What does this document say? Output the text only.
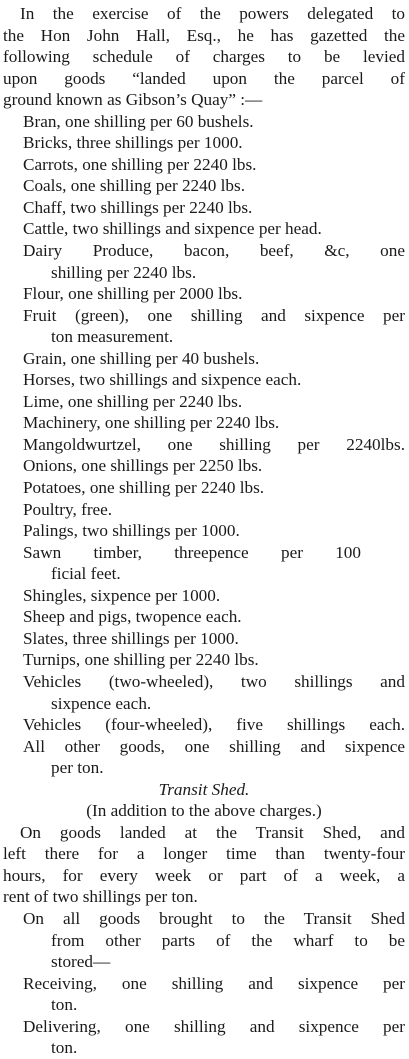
In the exercise of the powers delegated to
the Hon John Hall, Esq., he has gazetted the
following schedule of charges to be levied
upon goods “landed upon the parcel of
ground known as Gibson’s Quay” :—
Bran, one shilling per 60 bushels.
Bricks, three shillings per 1000.
Carrots, one shilling per 2240 lbs.
Coals, one shilling per 2240 lbs.
Chaff, two shillings per 2240 lbs.
Cattle, two shillings and sixpence per head.
Dairy Produce, bacon, beef, &c, one
shilling per 2240 lbs.
Flour, one shilling per 2000 lbs.
Fruit (green), one shilling and sixpence per
ton measurement.
Grain, one shilling per 40 bushels.
Horses, two shillings and sixpence each.
Lime, one shilling per 2240 lbs.
Machinery, one shilling per 2240 lbs.
Mangoldwurtzel, one shilling per 2240lbs.
Onions, one shillings per 2250 lbs.
Potatoes, one shilling per 2240 lbs.
Poultry, free.
Palings, two shillings per 1000.
Sawn timber, threepence per 100
ficial feet.
Shingles, sixpence per 1000.
Sheep and pigs, twopence each.
Slates, three shillings per 1000.
Turnips, one shilling per 2240 lbs.
Vehicles (two-wheeled), two shillings and
sixpence each.
Vehicles (four-wheeled), five shillings each.
All other goods, one shilling and sixpence
per ton.
Transit Shed.
(In addition to the above charges.)
On goods landed at the Transit Shed, and
left there for a longer time than twenty-four
hours, for every week or part of a week, a
rent of two shillings per ton.
On all goods brought to the Transit Shed
from other parts of the wharf to be
stored—
Receiving, one shilling and sixpence per
ton.
Delivering, one shilling and sixpence per
ton.
